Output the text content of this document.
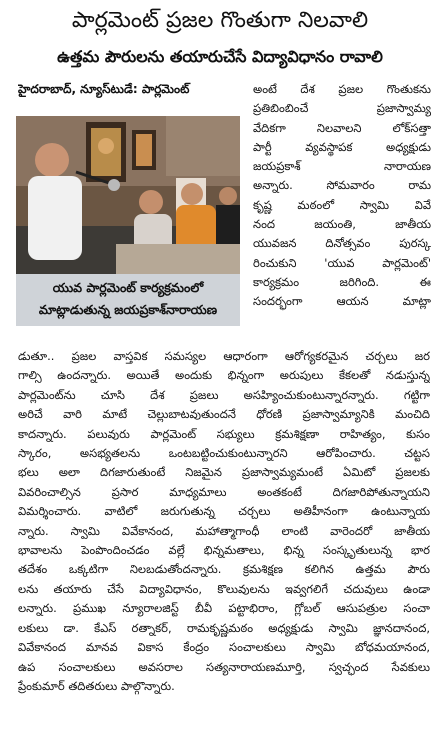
పార్లమెంట్ ప్రజల గొంతుగా నిలవాలి
ఉత్తమ పౌరులను తయారుచేసే విద్యావిధానం రావాలి
హైదరాబాద్, న్యూస్‌టుడే: పార్లమెంట్
యువ పార్లమెంట్ కార్యక్రమంలో
మాట్లాడుతున్న జయప్రకాశ్‌నారాయణ
అంటే దేశ ప్రజల గొంతుకను
ప్రతిబింబించే ప్రజాస్వామ్య
వేదికగా నిలవాలని లోక్‌సత్తా
పార్టీ వ్యవస్థాపక అధ్యక్షుడు
జయప్రకాశ్ నారాయణ
అన్నారు. సోమవారం రామ
కృష్ణ మఠంలో స్వామి వివే
నంద జయంతి, జాతీయ
యువజన దినోత్సవం పురస్క
రించుకుని 'యువ పార్లమెంట్'
కార్యక్రమం జరిగింది. ఈ
సందర్భంగా ఆయన మాట్లా
డుతూ.. ప్రజల వాస్తవిక సమస్యల ఆధారంగా ఆరోగ్యకరమైన చర్చలు జర
గాల్సి ఉందన్నారు. అయితే అందుకు భిన్నంగా అరుపులు కేకలతో నడుస్తున్న
పార్లమెంట్‌ను చూసి దేశ ప్రజలు అసహ్యించుకుంటున్నారన్నారు. గట్టిగా
అరిచే వారి మాటే చెల్లుబాటవుతుందనే ధోరణి ప్రజాస్వామ్యానికి మంచిది
కాదన్నారు. పలువురు పార్లమెంట్ సభ్యులు క్రమశిక్షణా రాహిత్యం, కుసం
స్కారం, అసభ్యతలను ఒంటబట్టించుకుంటున్నారని ఆరోపించారు. చట్టస
భలు అలా దిగజారుతుంటే నిజమైన ప్రజాస్వామ్యమంటే ఏమిటో ప్రజలకు
వివరించాల్సిన ప్రసార మాధ్యమాలు అంతకంటే దిగజారిపోతున్నాయని
విమర్శించారు. వాటిలో జరుగుతున్న చర్చలు అతిహీనంగా ఉంటున్నాయ
న్నారు. స్వామి వివేకానంద, మహాత్మాగాంధీ లాంటి వారెందరో జాతీయ
భావాలను పెంపొందించడం వల్లే భిన్నమతాలు, భిన్న సంస్కృతులున్న భార
తదేశం ఒక్కటిగా నిలబడుతోందన్నారు. క్రమశిక్షణ కలిగిన ఉత్తమ పౌరు
లను తయారు చేసే విద్యావిధానం, కొలువులను ఇవ్వగలిగే చదువులు ఉండా
లన్నారు. ప్రముఖ న్యూరాలజిస్ట్ బీవీ పట్టాభిరాం, గ్లోబల్ ఆసుపత్రుల సంచా
లకులు డా. కేఎస్ రత్నాకర్, రామకృష్ణమఠం అధ్యక్షుడు స్వామి జ్ఞానదానంద,
వివేకానంద మానవ వికాస కేంద్రం సంచాలకులు స్వామి బోధమయానంద,
ఉప సంచాలకులు అవసరాల సత్యనారాయణమూర్తి, స్వచ్ఛంద సేవకులు
ప్రేంకుమార్ తదితరులు పాల్గొన్నారు.
